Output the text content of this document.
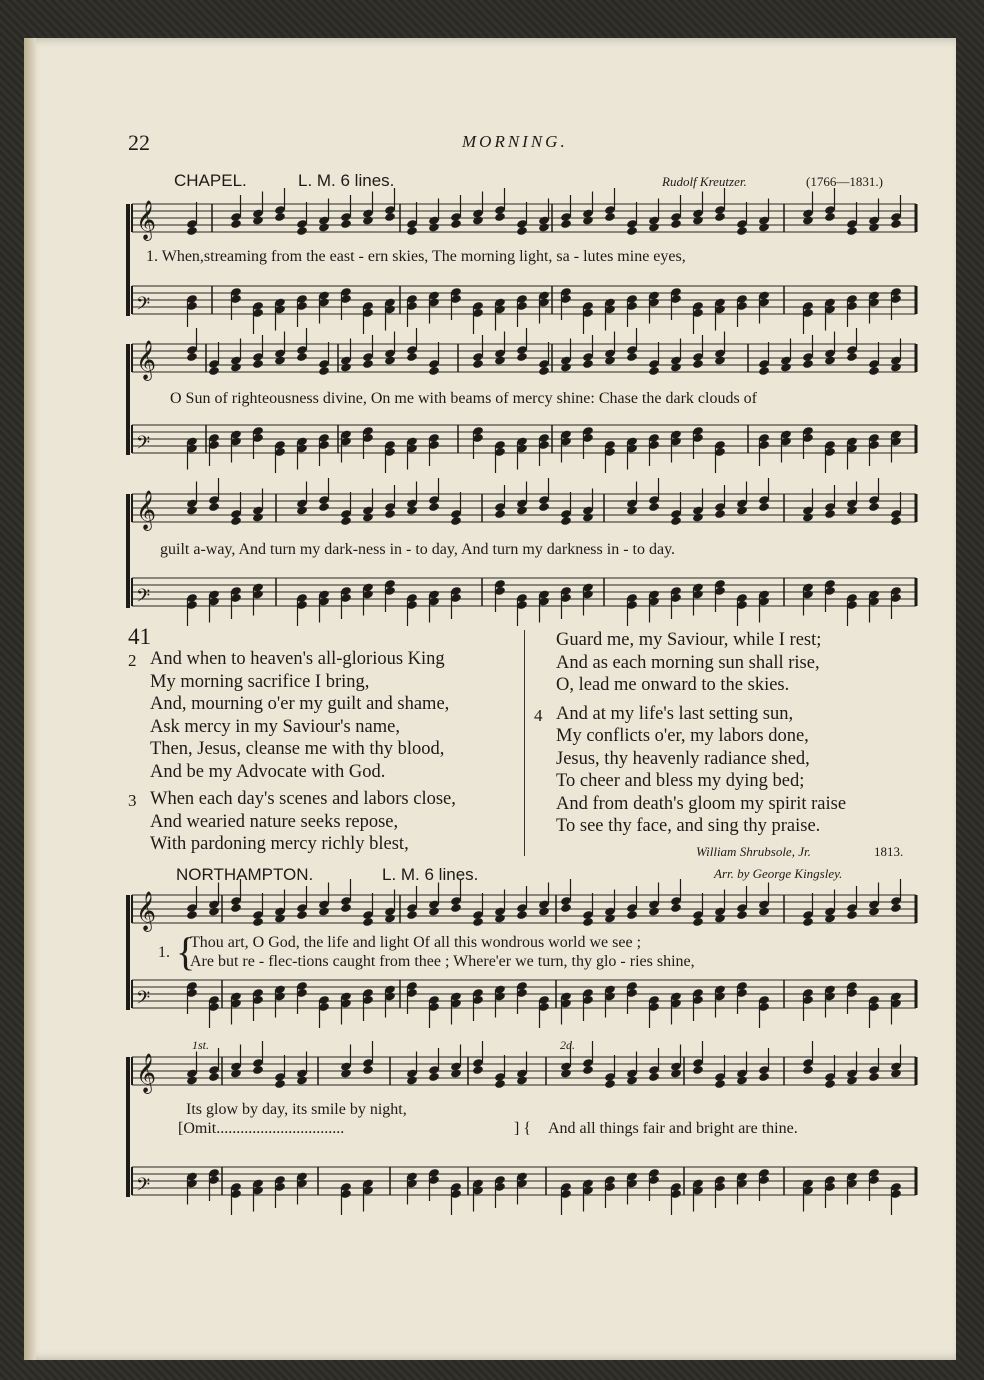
𝄞
𝄢
𝄞
𝄢
𝄞
𝄢
𝄞
𝄢
𝄞
𝄢
22	MORNING.
CHAPEL.	L. M. 6 lines.	Rudolf Kreutzer.	(1766—1831.)
1. When,streaming from the east - ern skies, The morning light, sa - lutes mine eyes,
O Sun of righteousness divine, On me with beams of mercy shine: Chase the dark clouds of
guilt a-way, And turn my dark-ness in - to day, And turn my darkness in - to day.
41
2 And when to heaven's all-glorious King
My morning sacrifice I bring,
And, mourning o'er my guilt and shame,
Ask mercy in my Saviour's name,
Then, Jesus, cleanse me with thy blood,
And be my Advocate with God.
3 When each day's scenes and labors close,
And wearied nature seeks repose,
With pardoning mercy richly blest,
Guard me, my Saviour, while I rest;
And as each morning sun shall rise,
O, lead me onward to the skies.
4 And at my life's last setting sun,
My conflicts o'er, my labors done,
Jesus, thy heavenly radiance shed,
To cheer and bless my dying bed;
And from death's gloom my spirit raise
To see thy face, and sing thy praise.
William Shrubsole, Jr.	1813.
NORTHAMPTON.	L. M. 6 lines.	Arr. by George Kingsley.
1. {
Thou art, O God, the life and light Of all this wondrous world we see ;
Are but re - flec-tions caught from thee ; Where'er we turn, thy glo - ries shine,
1st.	2d.
Its glow by day, its smile by night,
[Omit................................	] { And all things fair and bright are thine.
